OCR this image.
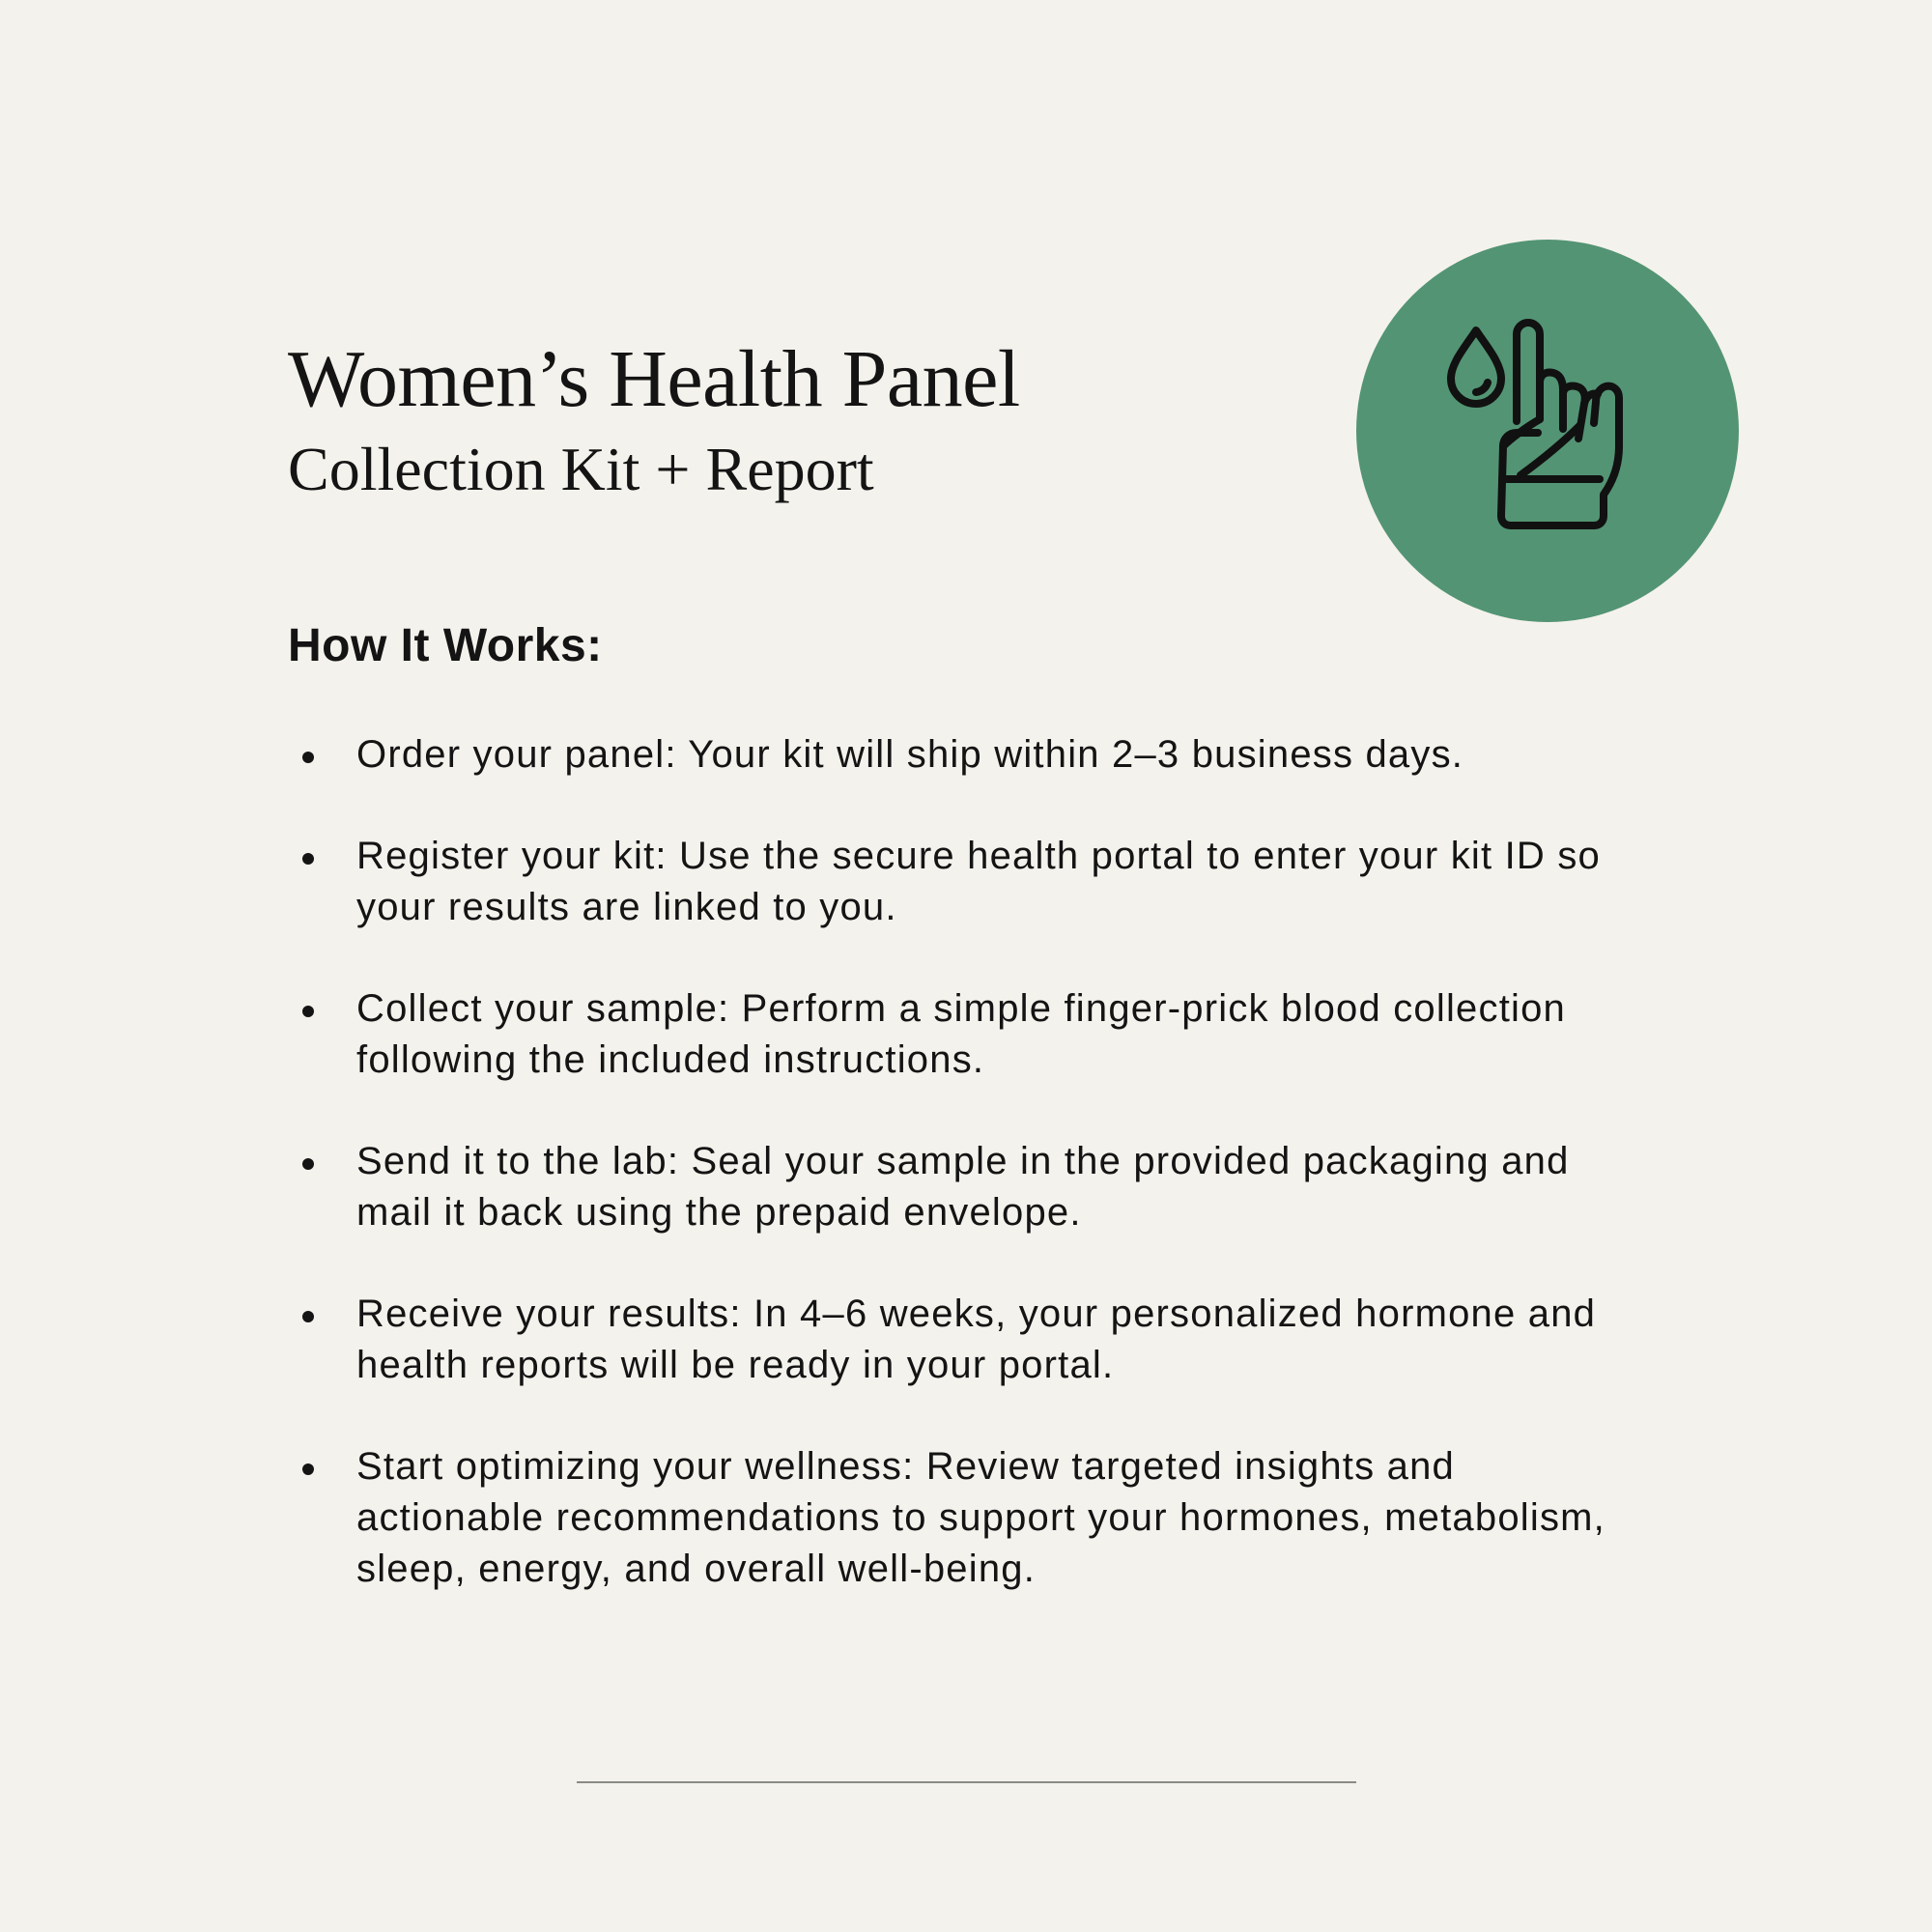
Women’s Health Panel
Collection Kit + Report
How It Works:
Order your panel: Your kit will ship within 2–3 business days.
Register your kit: Use the secure health portal to enter your kit ID so your results are linked to you.
Collect your sample: Perform a simple finger-prick blood collection following the included instructions.
Send it to the lab: Seal your sample in the provided packaging and mail it back using the prepaid envelope.
Receive your results: In 4–6 weeks, your personalized hormone and health reports will be ready in your portal.
Start optimizing your wellness: Review targeted insights and actionable recommendations to support your hormones, metabolism, sleep, energy, and overall well-being.
